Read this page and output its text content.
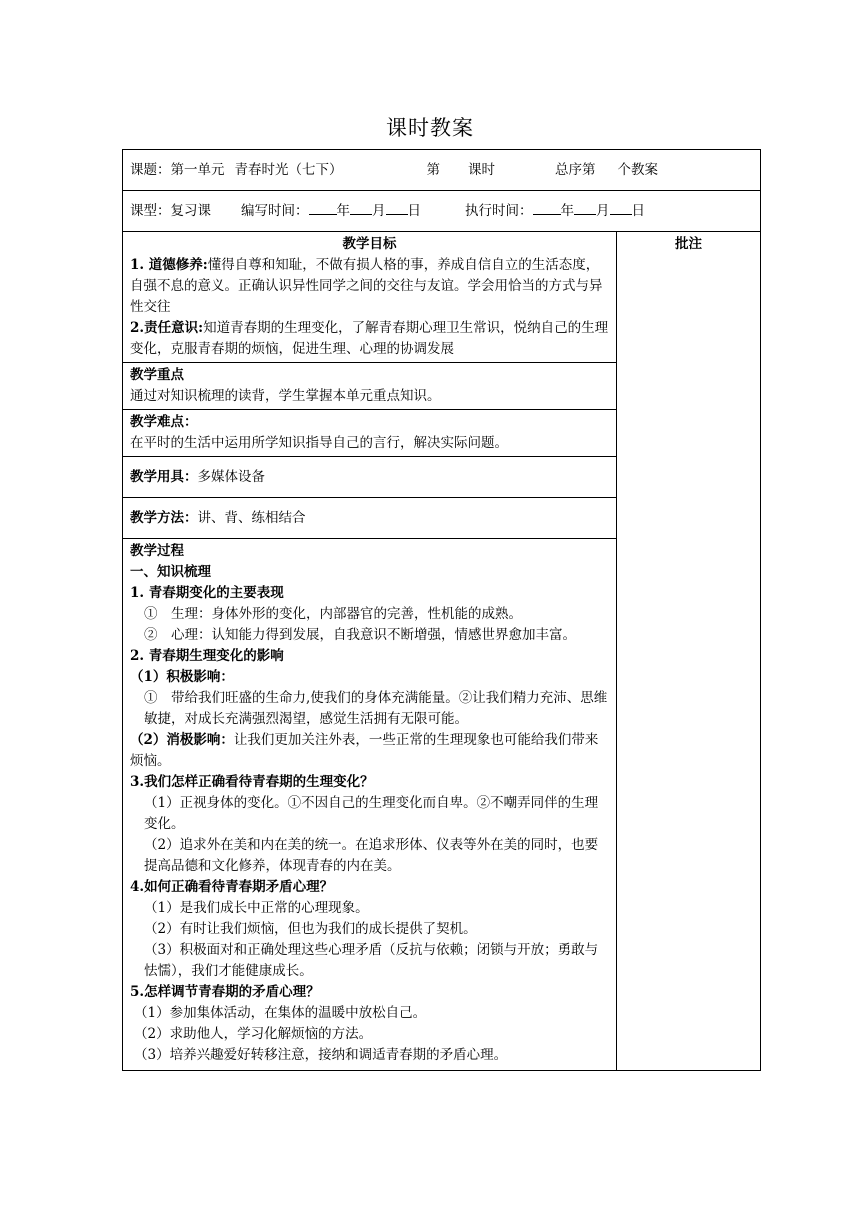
课时教案
课题：第一单元 青春时光（七下）	第 课时	总序第 个教案
课型：复习课 编写时间： 年 月 日	执行时间： 年 月 日

教学目标
1. 道德修养:懂得自尊和知耻，不做有损人格的事，养成自信自立的生活态度，自强不息的意义。正确认识异性同学之间的交往与友谊。学会用恰当的方式与异性交往
2.责任意识:知道青春期的生理变化，了解青春期心理卫生常识，悦纳自己的生理变化，克服青春期的烦恼，促进生理、心理的协调发展

批注

教学重点
通过对知识梳理的读背，学生掌握本单元重点知识。

教学难点：
在平时的生活中运用所学知识指导自己的言行，解决实际问题。

教学用具：多媒体设备
教学方法：讲、背、练相结合

教学过程
一、知识梳理
1. 青春期变化的主要表现
①　生理：身体外形的变化，内部器官的完善，性机能的成熟。
②　心理：认知能力得到发展，自我意识不断增强，情感世界愈加丰富。
2. 青春期生理变化的影响
（1）积极影响：
①　带给我们旺盛的生命力,使我们的身体充满能量。②让我们精力充沛、思维敏捷，对成长充满强烈渴望，感觉生活拥有无限可能。
（2）消极影响：让我们更加关注外表，一些正常的生理现象也可能给我们带来烦恼。
3.我们怎样正确看待青春期的生理变化？
（1）正视身体的变化。①不因自己的生理变化而自卑。②不嘲弄同伴的生理变化。
（2）追求外在美和内在美的统一。在追求形体、仪表等外在美的同时，也要提高品德和文化修养，体现青春的内在美。
4.如何正确看待青春期矛盾心理？
（1）是我们成长中正常的心理现象。
（2）有时让我们烦恼，但也为我们的成长提供了契机。
（3）积极面对和正确处理这些心理矛盾（反抗与依赖；闭锁与开放；勇敢与怯懦），我们才能健康成长。
5.怎样调节青春期的矛盾心理？
（1）参加集体活动，在集体的温暖中放松自己。
（2）求助他人，学习化解烦恼的方法。
（3）培养兴趣爱好转移注意，接纳和调适青春期的矛盾心理。
